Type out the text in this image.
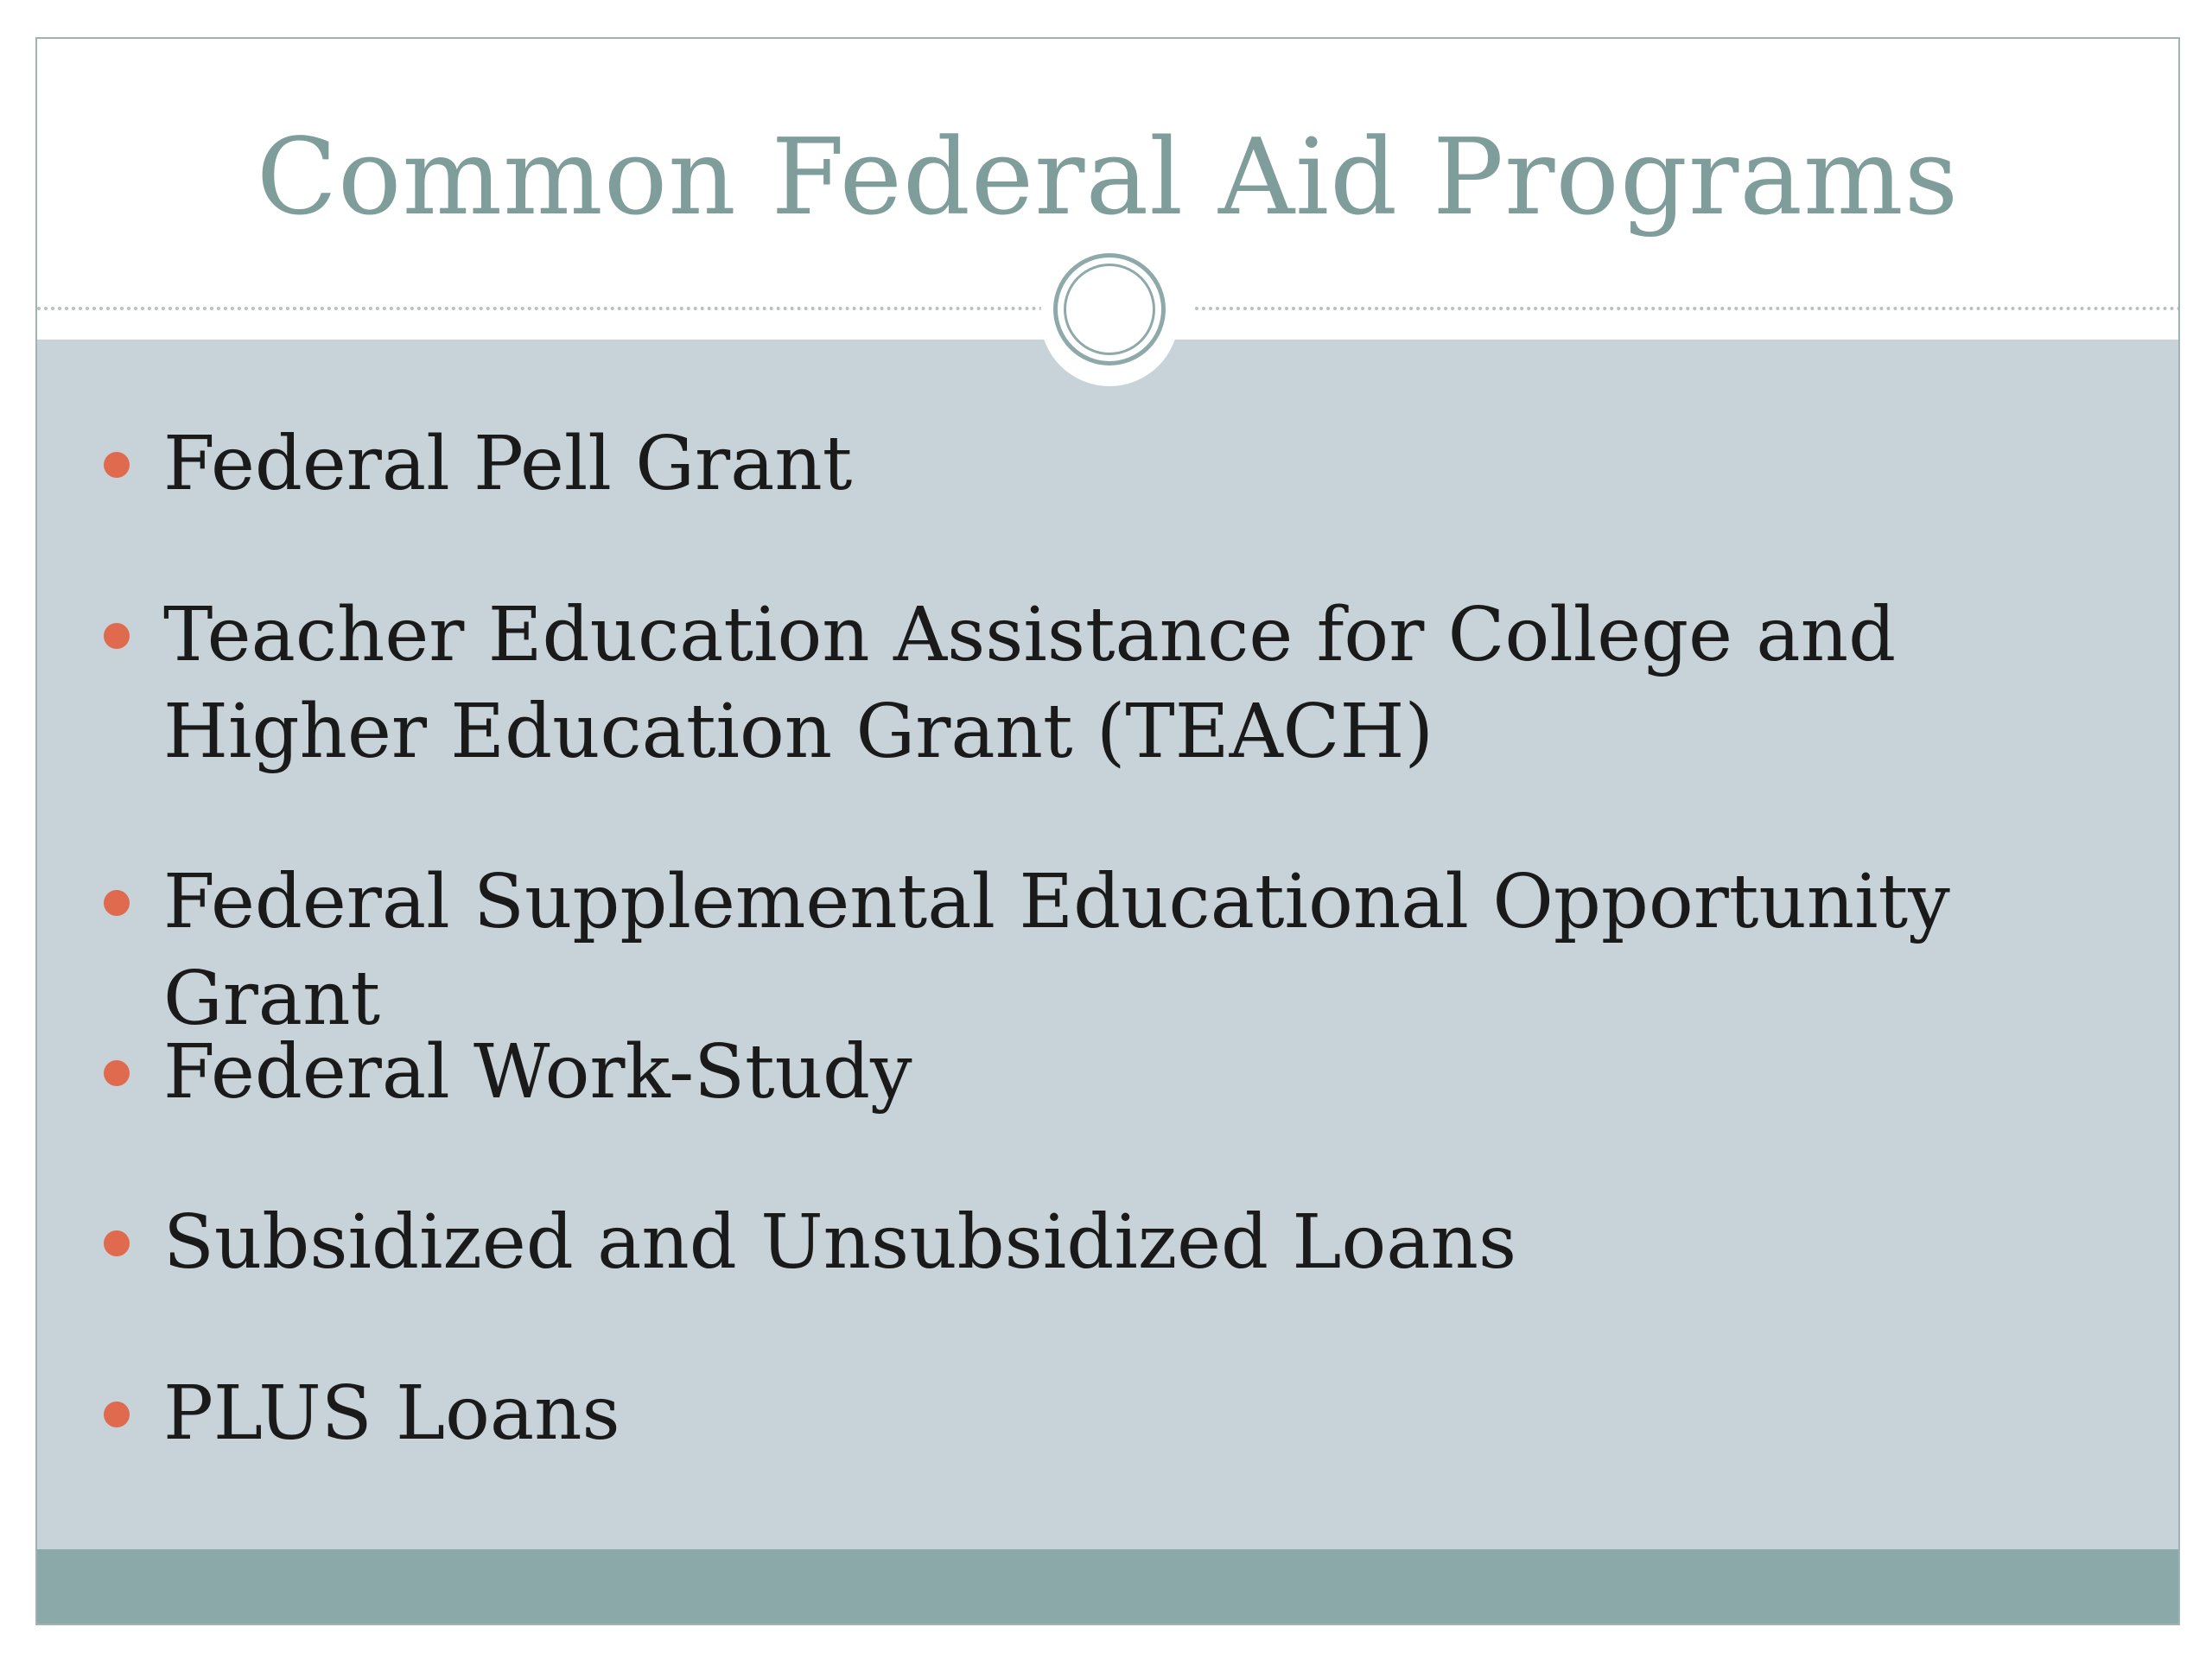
Common Federal Aid Programs
Federal Pell Grant
Teacher Education Assistance for College and Higher Education Grant (TEACH)
Federal Supplemental Educational Opportunity Grant
Federal Work-Study
Subsidized and Unsubsidized Loans
PLUS Loans
